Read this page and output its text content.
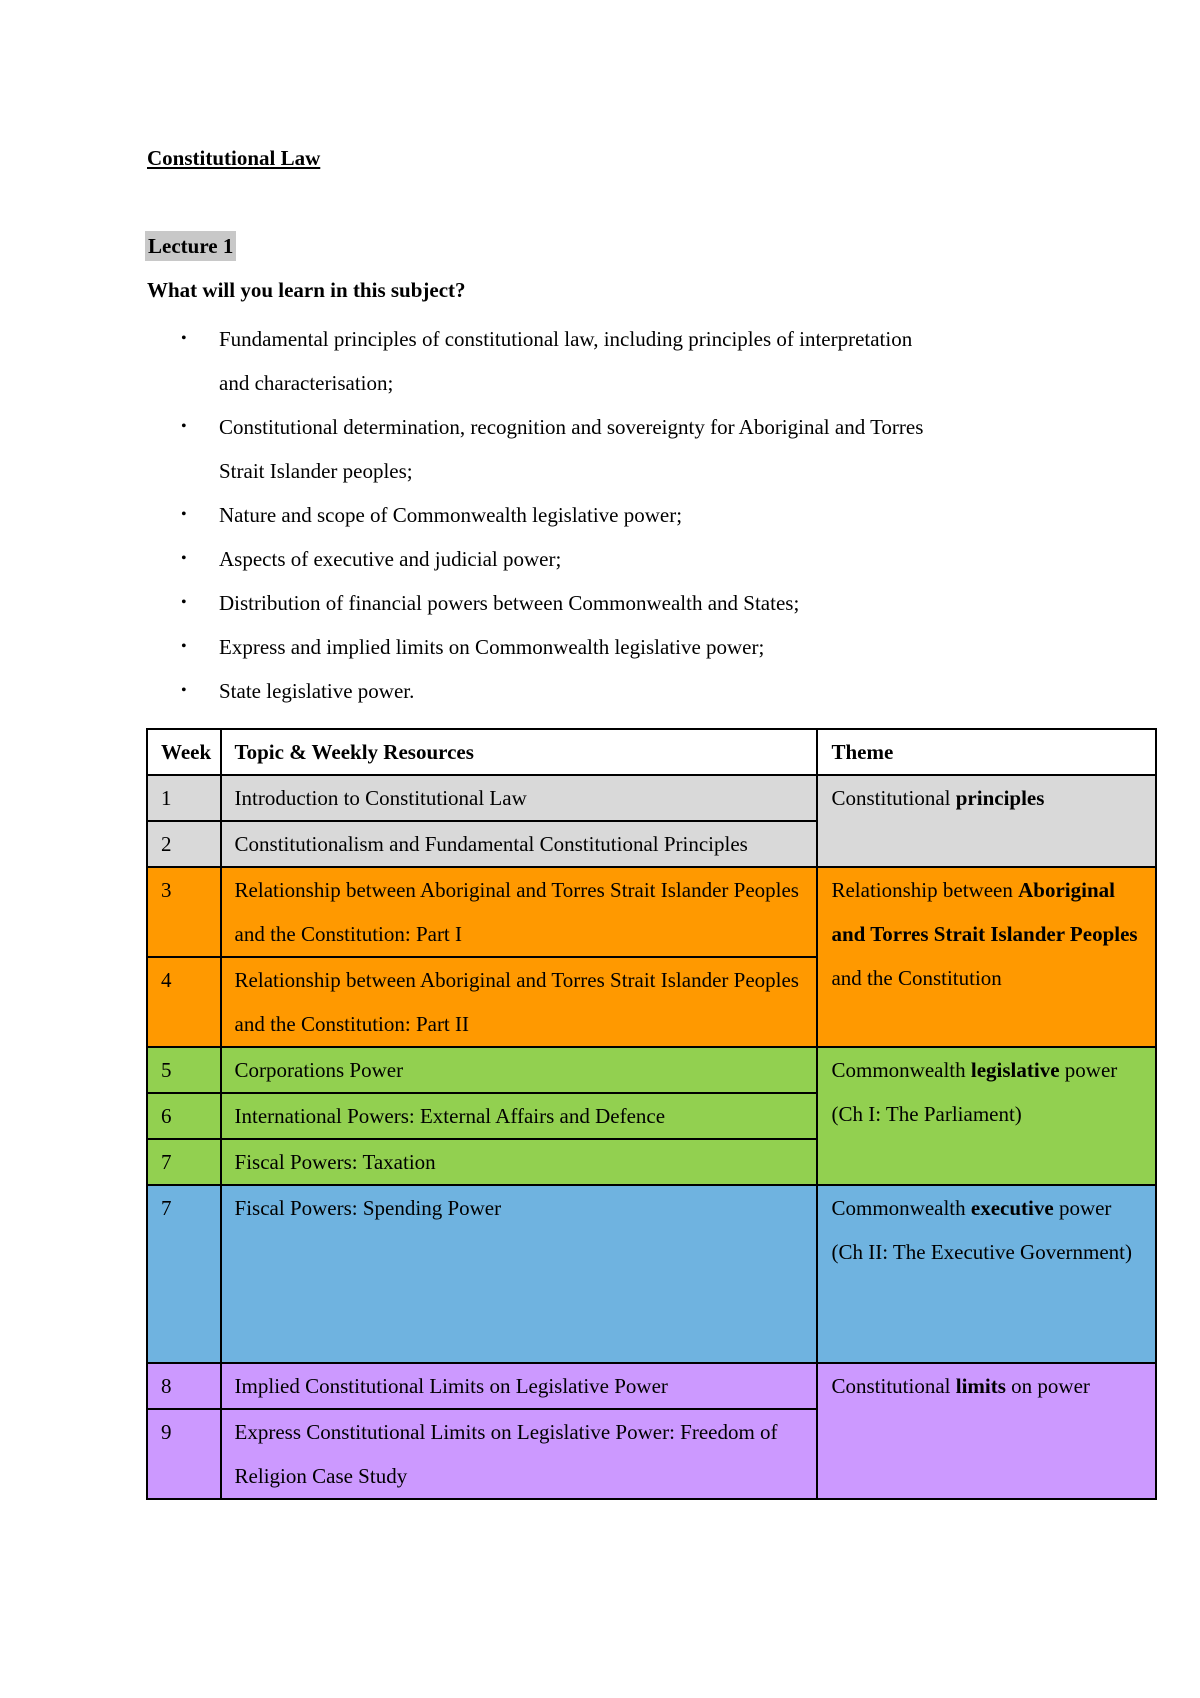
Constitutional Law
Lecture 1
What will you learn in this subject?
• Fundamental principles of constitutional law, including principles of interpretation
and characterisation;
• Constitutional determination, recognition and sovereignty for Aboriginal and Torres
Strait Islander peoples;
• Nature and scope of Commonwealth legislative power;
• Aspects of executive and judicial power;
• Distribution of financial powers between Commonwealth and States;
• Express and implied limits on Commonwealth legislative power;
• State legislative power.
Week	Topic & Weekly Resources	Theme
1	Introduction to Constitutional Law	Constitutional principles
2	Constitutionalism and Fundamental Constitutional Principles	
3	Relationship between Aboriginal and Torres Strait Islander Peoples and the Constitution: Part I	Relationship between Aboriginal and Torres Strait Islander Peoples and the Constitution
4	Relationship between Aboriginal and Torres Strait Islander Peoples and the Constitution: Part II	
5	Corporations Power	Commonwealth legislative power
(Ch I: The Parliament)

6	International Powers: External Affairs and Defence	
7	Fiscal Powers: Taxation	
7	Fiscal Powers: Spending Power	Commonwealth executive power
(Ch II: The Executive Government)

8	Implied Constitutional Limits on Legislative Power	Constitutional limits on power
9	Express Constitutional Limits on Legislative Power: Freedom of Religion Case Study	
